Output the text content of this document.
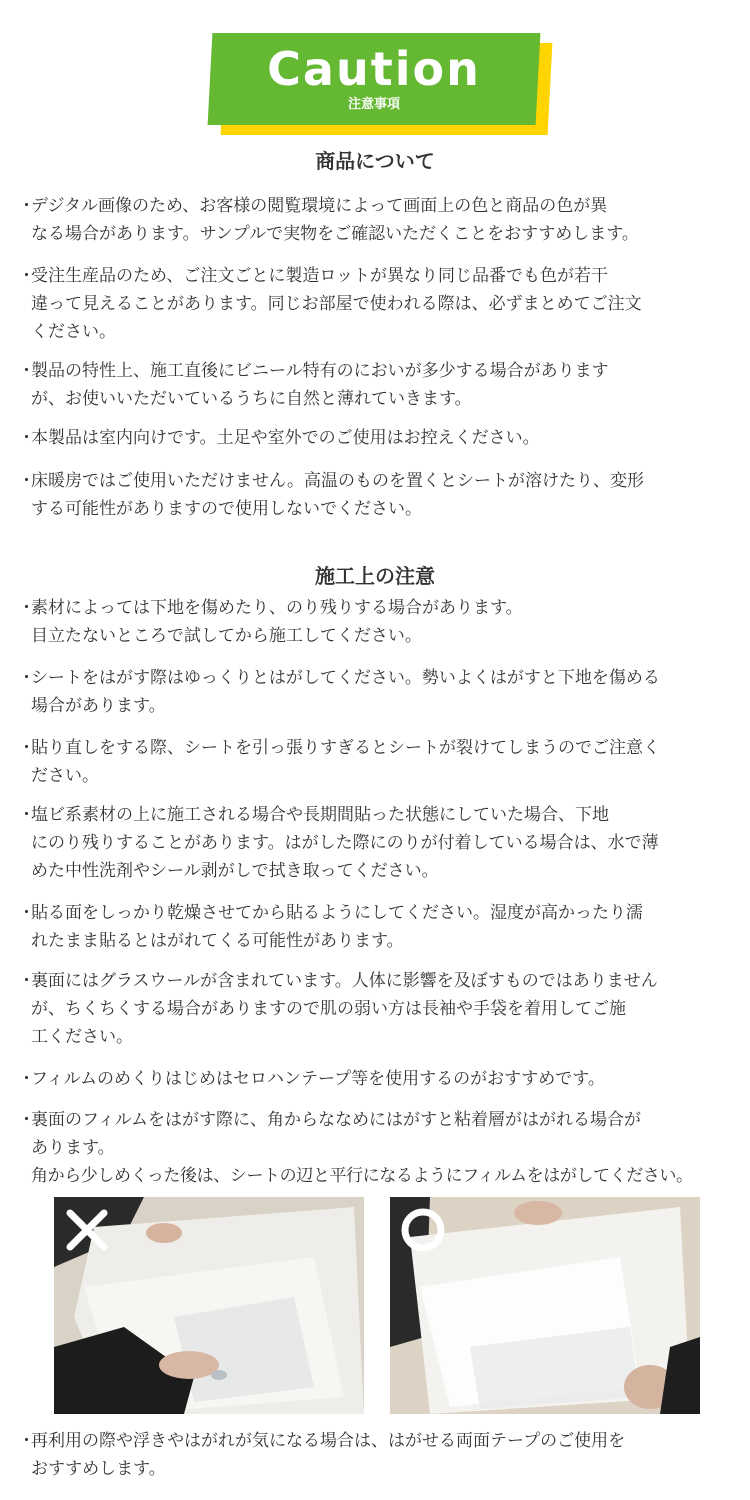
Caution
注意事項
商品について
・
デジタル画像のため、お客様の閲覧環境によって画面上の色と商品の色が異
なる場合があります。サンプルで実物をご確認いただくことをおすすめします。
・
受注生産品のため、ご注文ごとに製造ロットが異なり同じ品番でも色が若干
違って見えることがあります。同じお部屋で使われる際は、必ずまとめてご注文
ください。
・
製品の特性上、施工直後にビニール特有のにおいが多少する場合があります
が、お使いいただいているうちに自然と薄れていきます。
・
本製品は室内向けです。土足や室外でのご使用はお控えください。
・
床暖房ではご使用いただけません。高温のものを置くとシートが溶けたり、変形
する可能性がありますので使用しないでください。
施工上の注意
・
素材によっては下地を傷めたり、のり残りする場合があります。
目立たないところで試してから施工してください。
・
シートをはがす際はゆっくりとはがしてください。勢いよくはがすと下地を傷める
場合があります。
・
貼り直しをする際、シートを引っ張りすぎるとシートが裂けてしまうのでご注意く
ださい。
・
塩ビ系素材の上に施工される場合や長期間貼った状態にしていた場合、下地
にのり残りすることがあります。はがした際にのりが付着している場合は、水で薄
めた中性洗剤やシール剥がしで拭き取ってください。
・
貼る面をしっかり乾燥させてから貼るようにしてください。湿度が高かったり濡
れたまま貼るとはがれてくる可能性があります。
・
裏面にはグラスウールが含まれています。人体に影響を及ぼすものではありません
が、ちくちくする場合がありますので肌の弱い方は長袖や手袋を着用してご施
工ください。
・
フィルムのめくりはじめはセロハンテープ等を使用するのがおすすめです。
・
裏面のフィルムをはがす際に、角からななめにはがすと粘着層がはがれる場合が
あります。
角から少しめくった後は、シートの辺と平行になるようにフィルムをはがしてください。
・
再利用の際や浮きやはがれが気になる場合は、はがせる両面テープのご使用を
おすすめします。
